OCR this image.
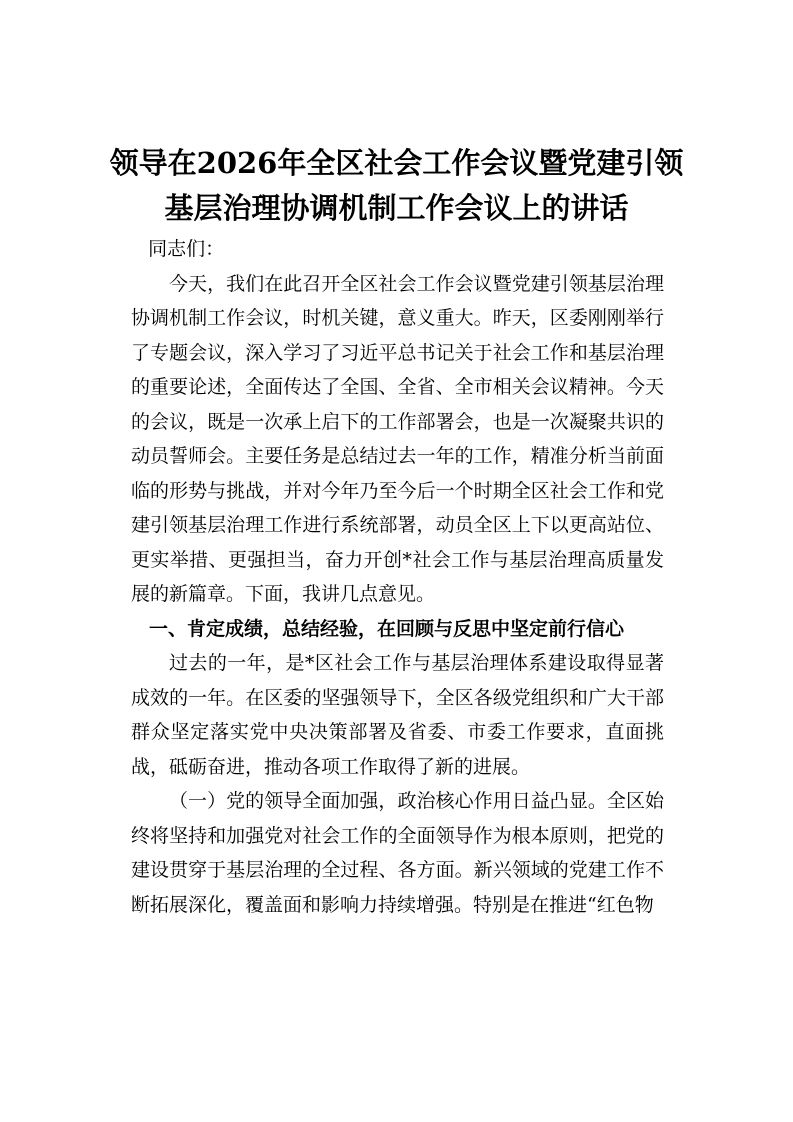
领导在2026年全区社会工作会议暨党建引领
基层治理协调机制工作会议上的讲话

同志们：

今天，我们在此召开全区社会工作会议暨党建引领基层治理协调机制工作会议，时机关键，意义重大。昨天，区委刚刚举行了专题会议，深入学习了习近平总书记关于社会工作和基层治理的重要论述，全面传达了全国、全省、全市相关会议精神。今天的会议，既是一次承上启下的工作部署会，也是一次凝聚共识的动员誓师会。主要任务是总结过去一年的工作，精准分析当前面临的形势与挑战，并对今年乃至今后一个时期全区社会工作和党建引领基层治理工作进行系统部署，动员全区上下以更高站位、更实举措、更强担当，奋力开创*社会工作与基层治理高质量发展的新篇章。下面，我讲几点意见。

一、肯定成绩，总结经验，在回顾与反思中坚定前行信心

过去的一年，是*区社会工作与基层治理体系建设取得显著成效的一年。在区委的坚强领导下，全区各级党组织和广大干部群众坚定落实党中央决策部署及省委、市委工作要求，直面挑战，砥砺奋进，推动各项工作取得了新的进展。

（一）党的领导全面加强，政治核心作用日益凸显。全区始终将坚持和加强党对社会工作的全面领导作为根本原则，把党的建设贯穿于基层治理的全过程、各方面。新兴领域的党建工作不断拓展深化，覆盖面和影响力持续增强。特别是在推进“红色物
